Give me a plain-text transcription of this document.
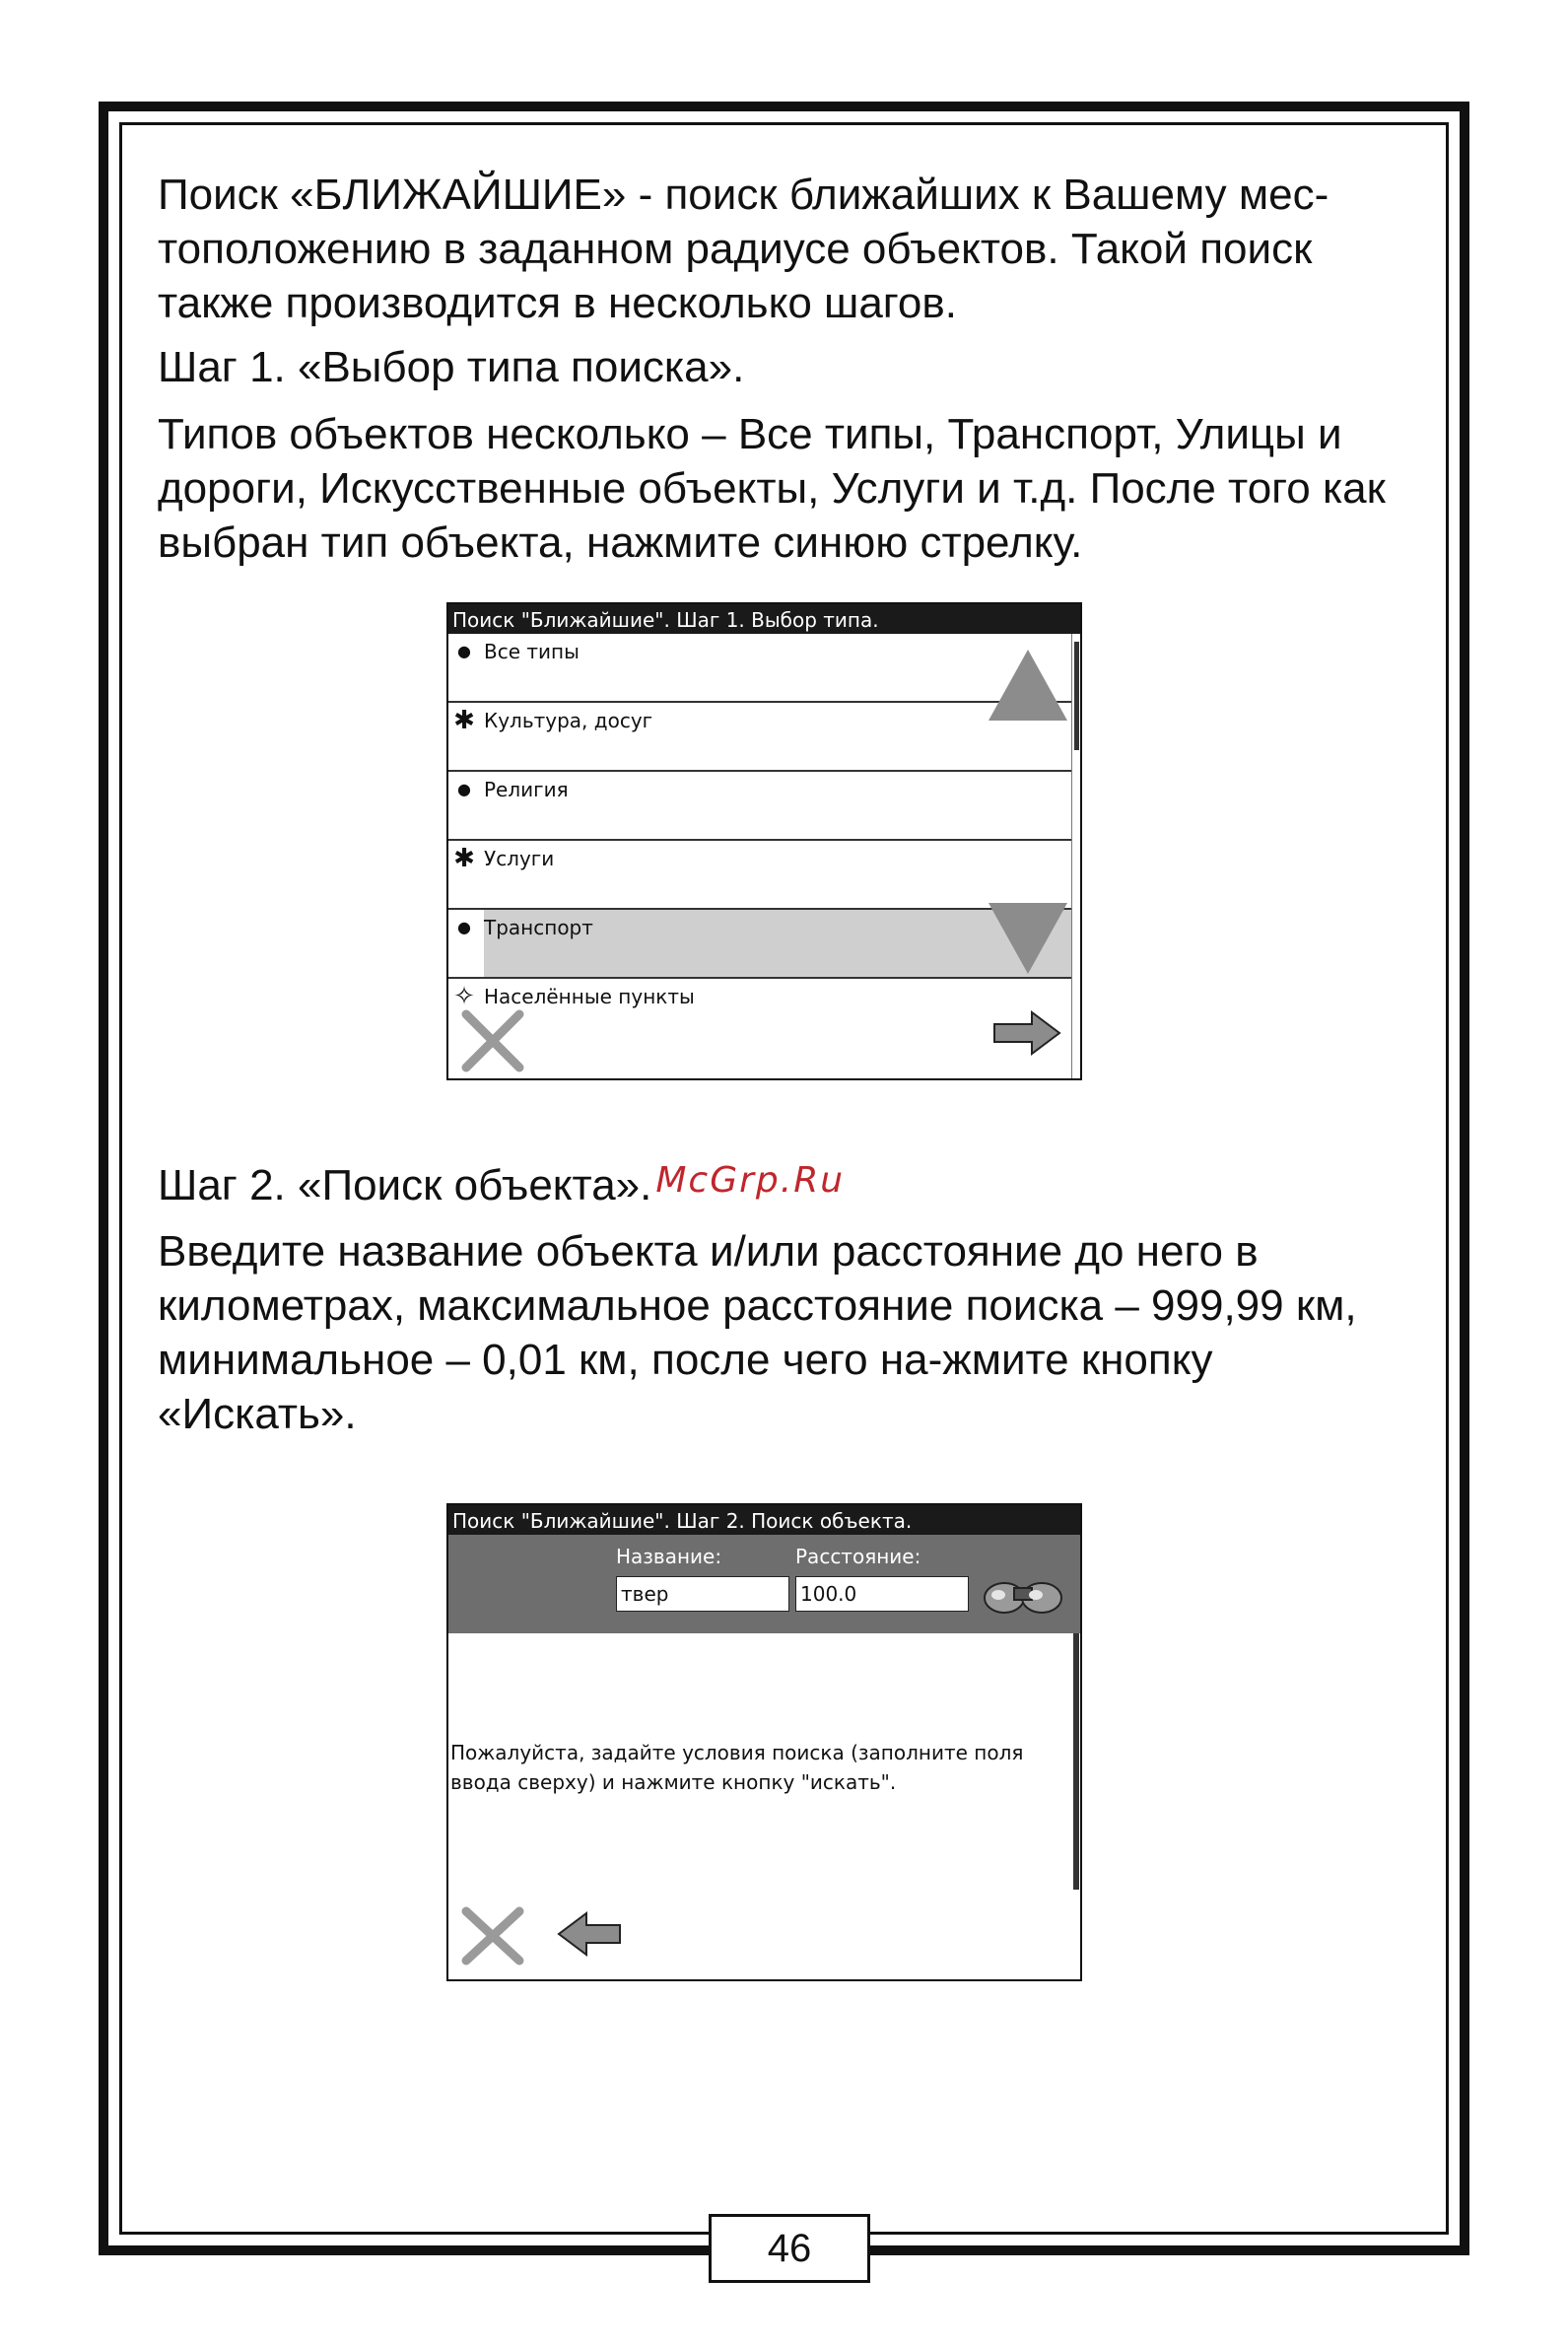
Поиск «БЛИЖАЙШИЕ» - поиск ближайших к Вашему мес-тоположению в заданном радиусе объектов. Такой поиск также производится в несколько шагов.

Шаг 1. «Выбор типа поиска».

Типов объектов несколько – Все типы, Транспорт, Улицы и дороги, Искусственные объекты, Услуги и т.д. После того как выбран тип объекта, нажмите синюю стрелку.

Поиск "Ближайшие". Шаг 1. Выбор типа.
● Все типы
✱ Культура, досуг
● Религия
✱ Услуги
● Транспорт
✧ Населённые пункты

Шаг 2. «Поиск объекта». McGrp.Ru

Введите название объекта и/или расстояние до него в километрах, максимальное расстояние поиска – 999,99 км, минимальное – 0,01 км, после чего на-жмите кнопку «Искать».

Поиск "Ближайшие". Шаг 2. Поиск объекта.
Название:	Расстояние:
твер
100.0

Пожалуйста, задайте условия поиска (заполните поля ввода сверху) и нажмите кнопку "искать".

46
